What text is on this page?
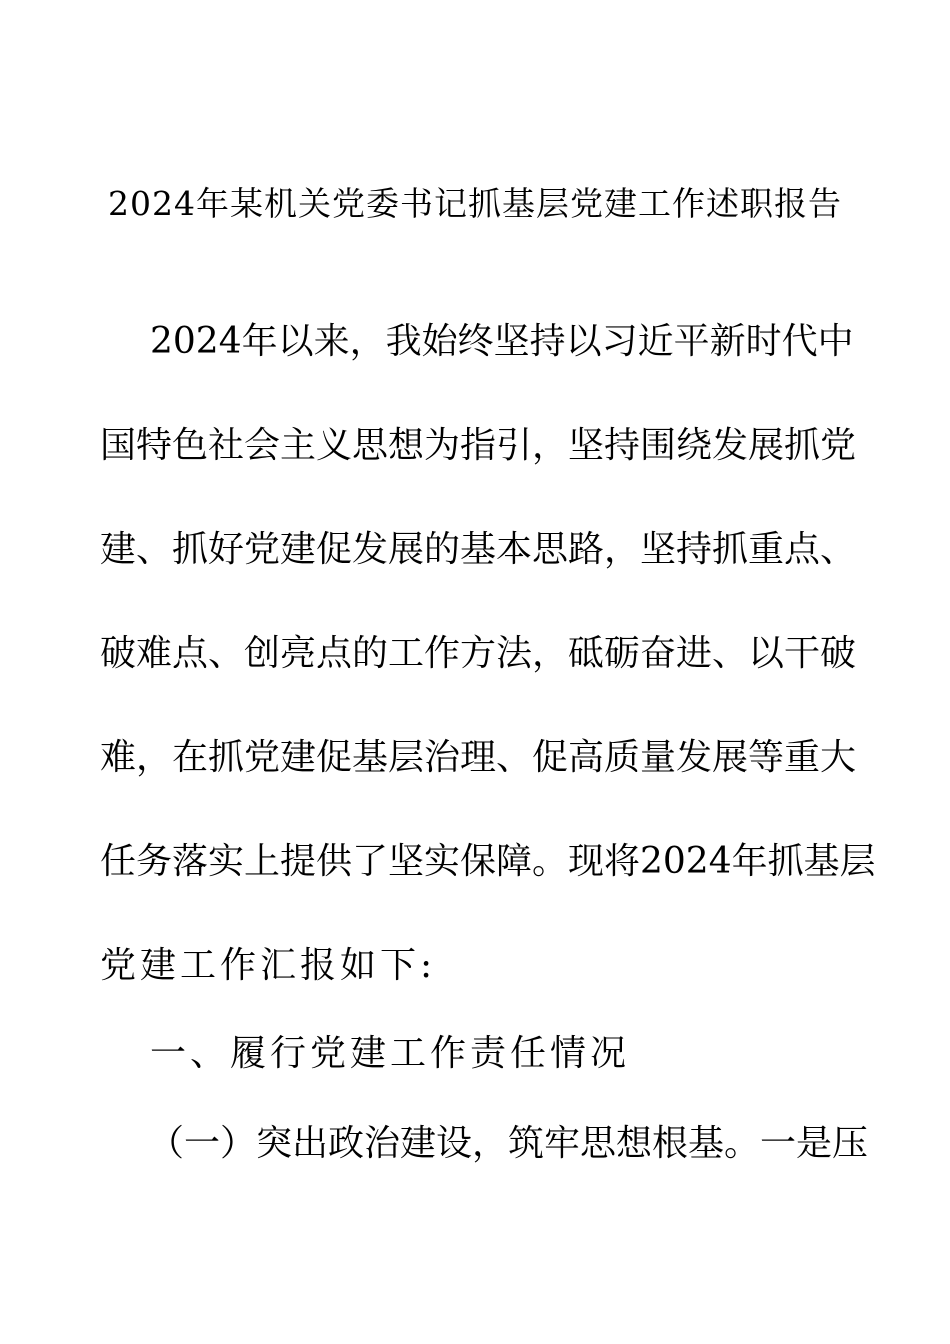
2024年某机关党委书记抓基层党建工作述职报告
2024年以来，我始终坚持以习近平新时代中
国特色社会主义思想为指引，坚持围绕发展抓党
建、抓好党建促发展的基本思路，坚持抓重点、
破难点、创亮点的工作方法，砥砺奋进、以干破
难，在抓党建促基层治理、促高质量发展等重大
任务落实上提供了坚实保障。现将2024年抓基层
党建工作汇报如下:
一、履行党建工作责任情况
（一）突出政治建设，筑牢思想根基。一是压
